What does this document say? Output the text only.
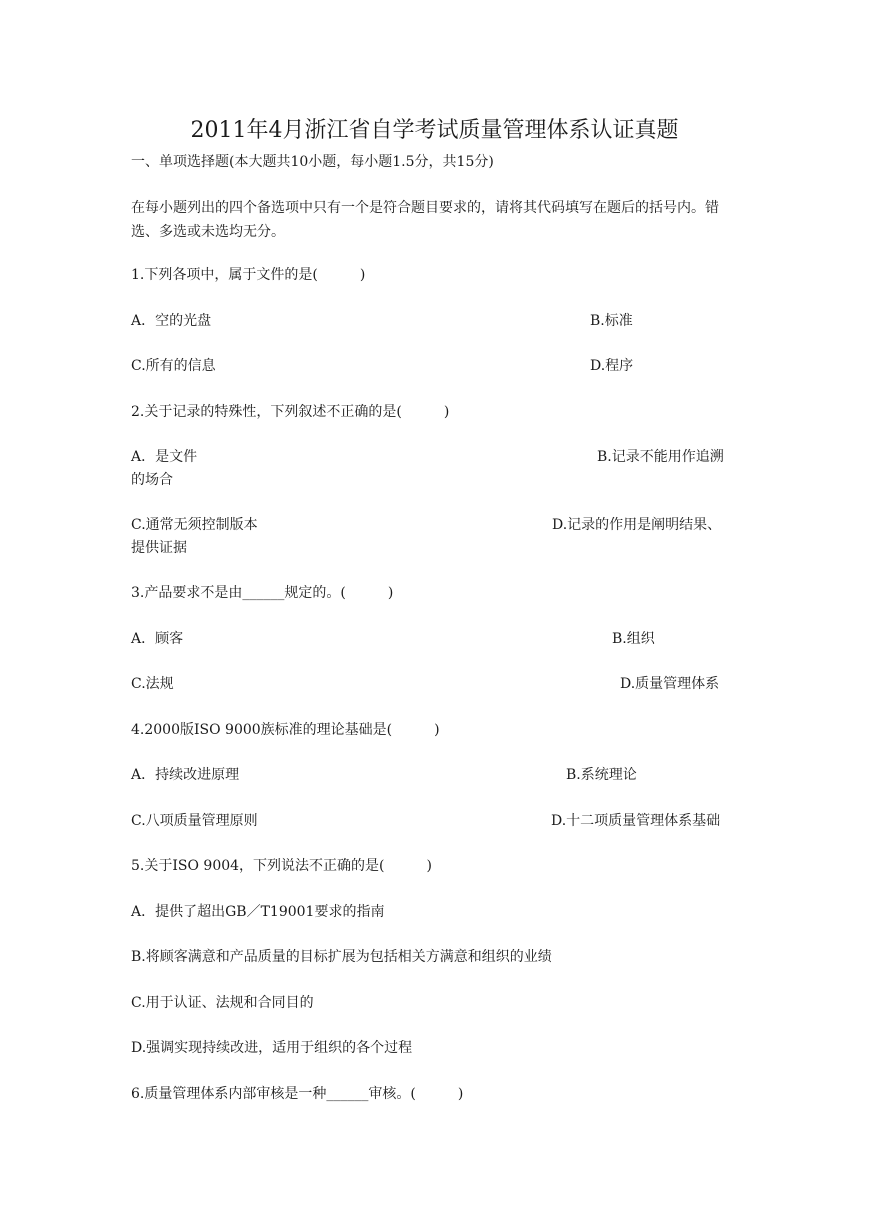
2011年4月浙江省自学考试质量管理体系认证真题

一、单项选择题(本大题共10小题，每小题1.5分，共15分)

在每小题列出的四个备选项中只有一个是符合题目要求的，请将其代码填写在题后的括号内。错选、多选或未选均无分。

1.下列各项中，属于文件的是(　　　)

A．空的光盘	B.标准

C.所有的信息	D.程序

2.关于记录的特殊性，下列叙述不正确的是(　　　)

A．是文件	B.记录不能用作追溯

的场合

C.通常无须控制版本	D.记录的作用是阐明结果、

提供证据

3.产品要求不是由______规定的。(　　　)

A．顾客	B.组织

C.法规	D.质量管理体系

4.2000版ISO 9000族标准的理论基础是(　　　)

A．持续改进原理	B.系统理论

C.八项质量管理原则	D.十二项质量管理体系基础

5.关于ISO 9004，下列说法不正确的是(　　　)

A．提供了超出GB／T19001要求的指南

B.将顾客满意和产品质量的目标扩展为包括相关方满意和组织的业绩

C.用于认证、法规和合同目的

D.强调实现持续改进，适用于组织的各个过程

6.质量管理体系内部审核是一种______审核。(　　　)
